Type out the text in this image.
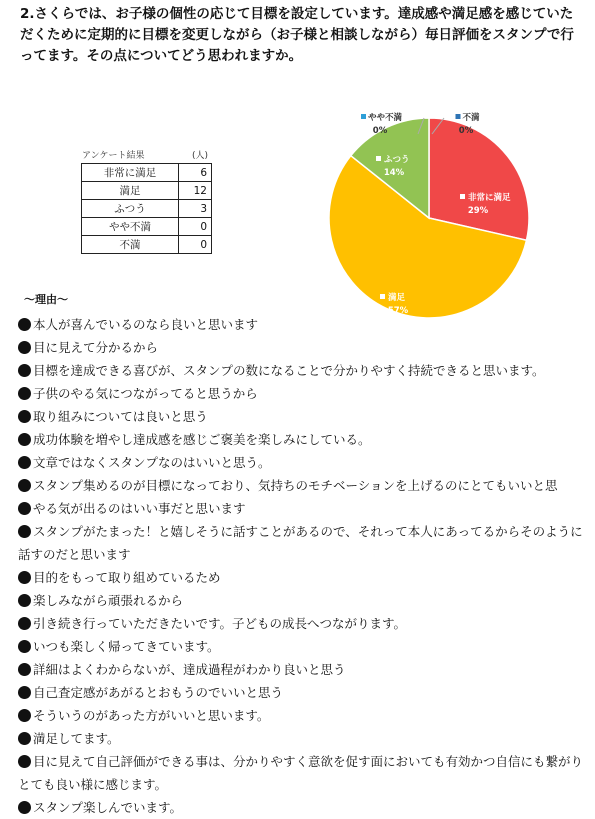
2.さくらでは、お子様の個性の応じて目標を設定しています。達成感や満足感を感じていただくために定期的に目標を変更しながら（お子様と相談しながら）毎日評価をスタンプで行ってます。その点についてどう思われますか。

アンケート結果	(人)
非常に満足	6
満足	12
ふつう	3
やや不満	0
不満	0
非常に満足
29%
満足
57%
ふつう
14%
やや不満
0%
不満
0%

～理由～

本人が喜んでいるのなら良いと思います
目に見えて分かるから
目標を達成できる喜びが、スタンプの数になることで分かりやすく持続できると思います。
子供のやる気につながってると思うから
取り組みについては良いと思う
成功体験を増やし達成感を感じご褒美を楽しみにしている。
文章ではなくスタンプなのはいいと思う。
スタンプ集めるのが目標になっており、気持ちのモチベーションを上げるのにとてもいいと思
やる気が出るのはいい事だと思います
スタンプがたまった！と嬉しそうに話すことがあるので、それって本人にあってるからそのように話すのだと思います
目的をもって取り組めているため
楽しみながら頑張れるから
引き続き行っていただきたいです。子どもの成長へつながります。
いつも楽しく帰ってきています。
詳細はよくわからないが、達成過程がわかり良いと思う
自己査定感があがるとおもうのでいいと思う
そういうのがあった方がいいと思います。
満足してます。
目に見えて自己評価ができる事は、分かりやすく意欲を促す面においても有効かつ自信にも繋がりとても良い様に感じます。
スタンプ楽しんでいます。
